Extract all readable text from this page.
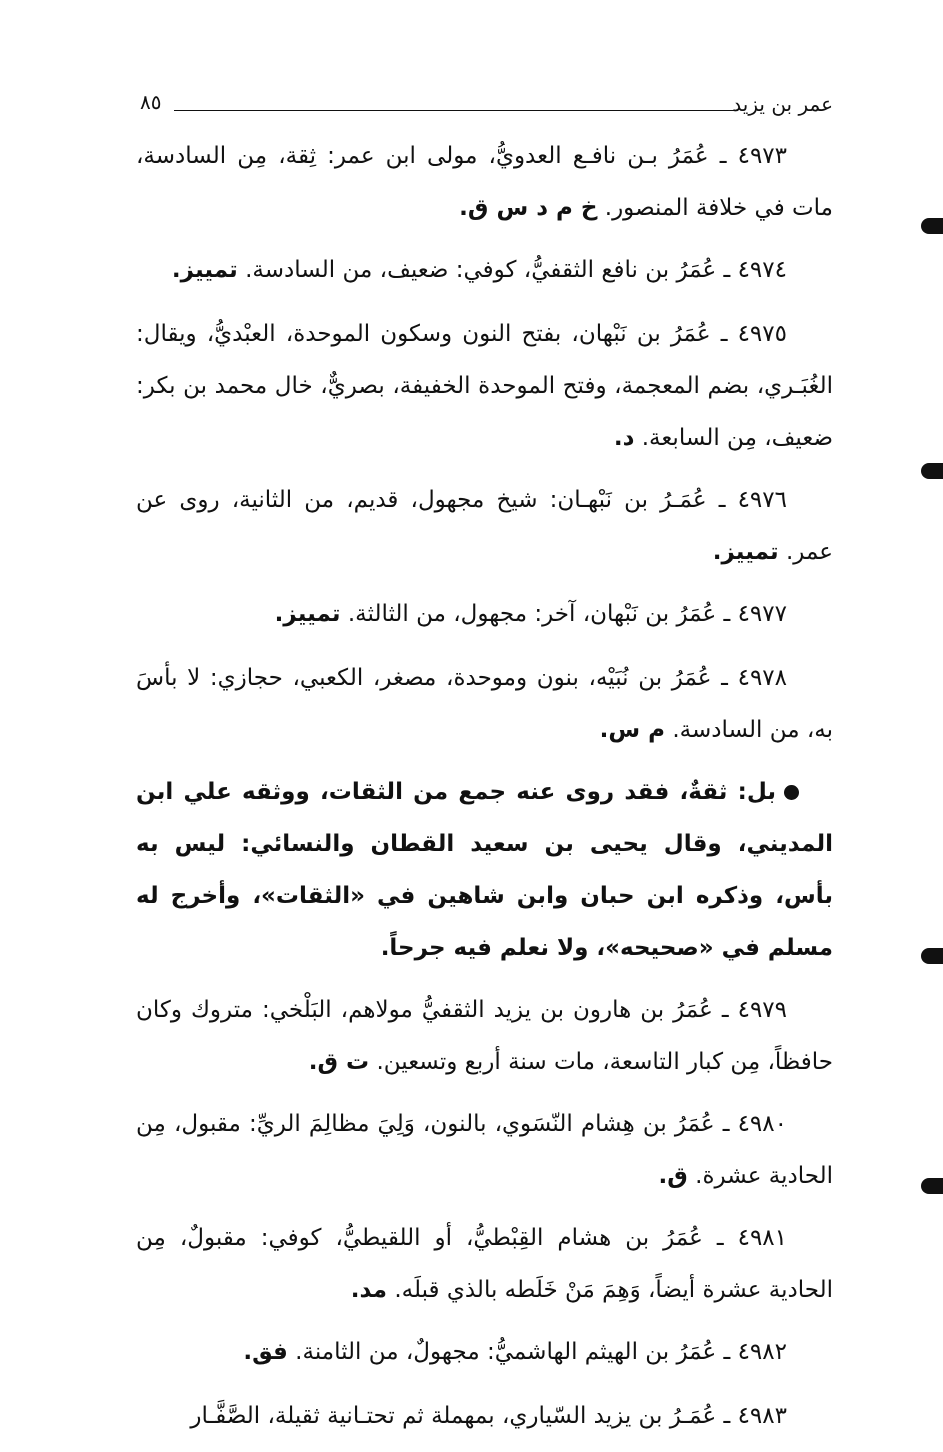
عمر بن يزيد
٨٥

٤٩٧٣ ـ عُمَرُ بـن نافـع العدويُّ، مولى ابن عمر: ثِقة، مِن السادسة، مات في خلافة المنصور. خ م د س ق.

٤٩٧٤ ـ عُمَرُ بن نافع الثقفيُّ، كوفي: ضعيف، من السادسة. تمييز.

٤٩٧٥ ـ عُمَرُ بن نَبْهان، بفتح النون وسكون الموحدة، العبْديُّ، ويقال: الغُبَـري، بضم المعجمة، وفتح الموحدة الخفيفة، بصريٌّ، خال محمد بن بكر: ضعيف، مِن السابعة. د.

٤٩٧٦ ـ عُمَـرُ بن نَبْهـان: شيخ مجهول، قديم، من الثانية، روى عن عمر. تمييز.

٤٩٧٧ ـ عُمَرُ بن نَبْهان، آخر: مجهول، من الثالثة. تمييز.

٤٩٧٨ ـ عُمَرُ بن نُبَيْه، بنون وموحدة، مصغر، الكعبي، حجازي: لا بأسَ به، من السادسة. م س.

بل: ثقةٌ، فقد روى عنه جمع من الثقات، ووثقه علي ابن المديني، وقال يحيى بن سعيد القطان والنسائي: ليس به بأس، وذكره ابن حبان وابن شاهين في «الثقات»، وأخرج له مسلم في «صحيحه»، ولا نعلم فيه جرحاً.

٤٩٧٩ ـ عُمَرُ بن هارون بن يزيد الثقفيُّ مولاهم، البَلْخي: متروك وكان حافظاً، مِن كبار التاسعة، مات سنة أربع وتسعين. ت ق.

٤٩٨٠ ـ عُمَرُ بن هِشام النّسَوي، بالنون، وَلِيَ مظالِمَ الريِّ: مقبول، مِن الحادية عشرة. ق.

٤٩٨١ ـ عُمَرُ بن هشام القِبْطيُّ، أو اللقيطيُّ، كوفي: مقبولٌ، مِن الحادية عشرة أيضاً، وَهِمَ مَنْ خَلَطه بالذي قبلَه. مد.

٤٩٨٢ ـ عُمَرُ بن الهيثم الهاشميُّ: مجهولٌ، من الثامنة. فق.

٤٩٨٣ ـ عُمَـرُ بن يزيد السّياري، بمهملة ثم تحتـانية ثقيلة، الصَّفَّـار
